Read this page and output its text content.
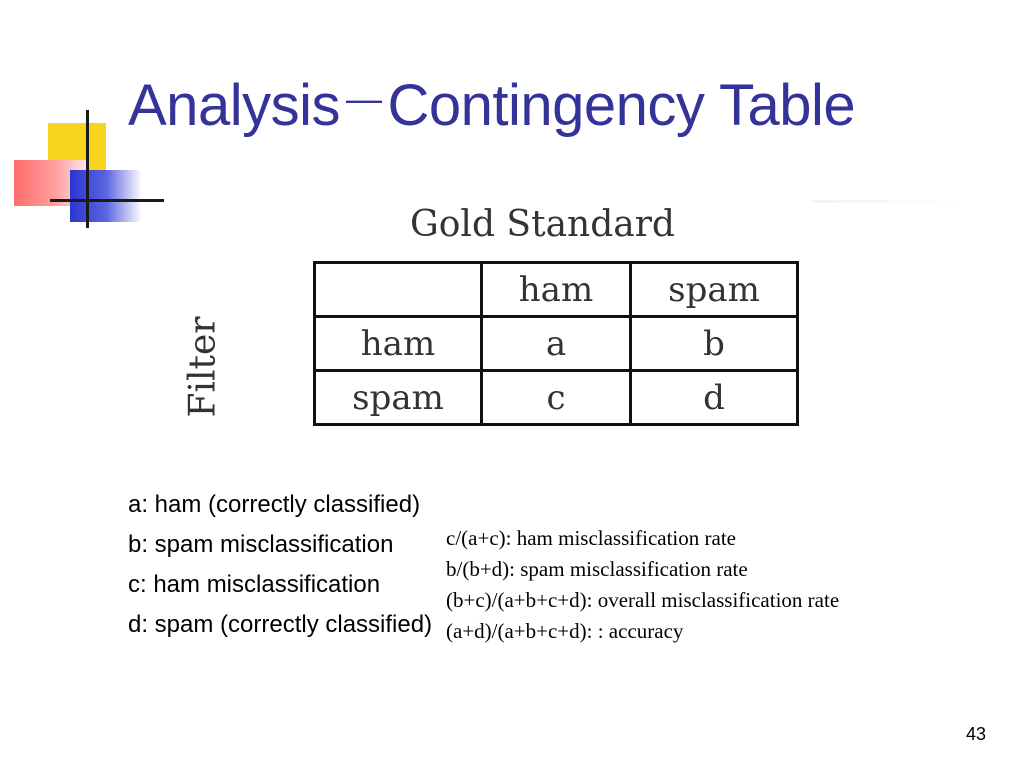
Analysis — Contingency Table
Gold Standard
Filter
	ham	spam
ham	a	b
spam	c	d
a: ham (correctly classified)
b: spam misclassification
c: ham misclassification
d: spam (correctly classified)
c/(a+c): ham misclassification rate
b/(b+d): spam misclassification rate
(b+c)/(a+b+c+d): overall misclassification rate
(a+d)/(a+b+c+d): : accuracy
43
